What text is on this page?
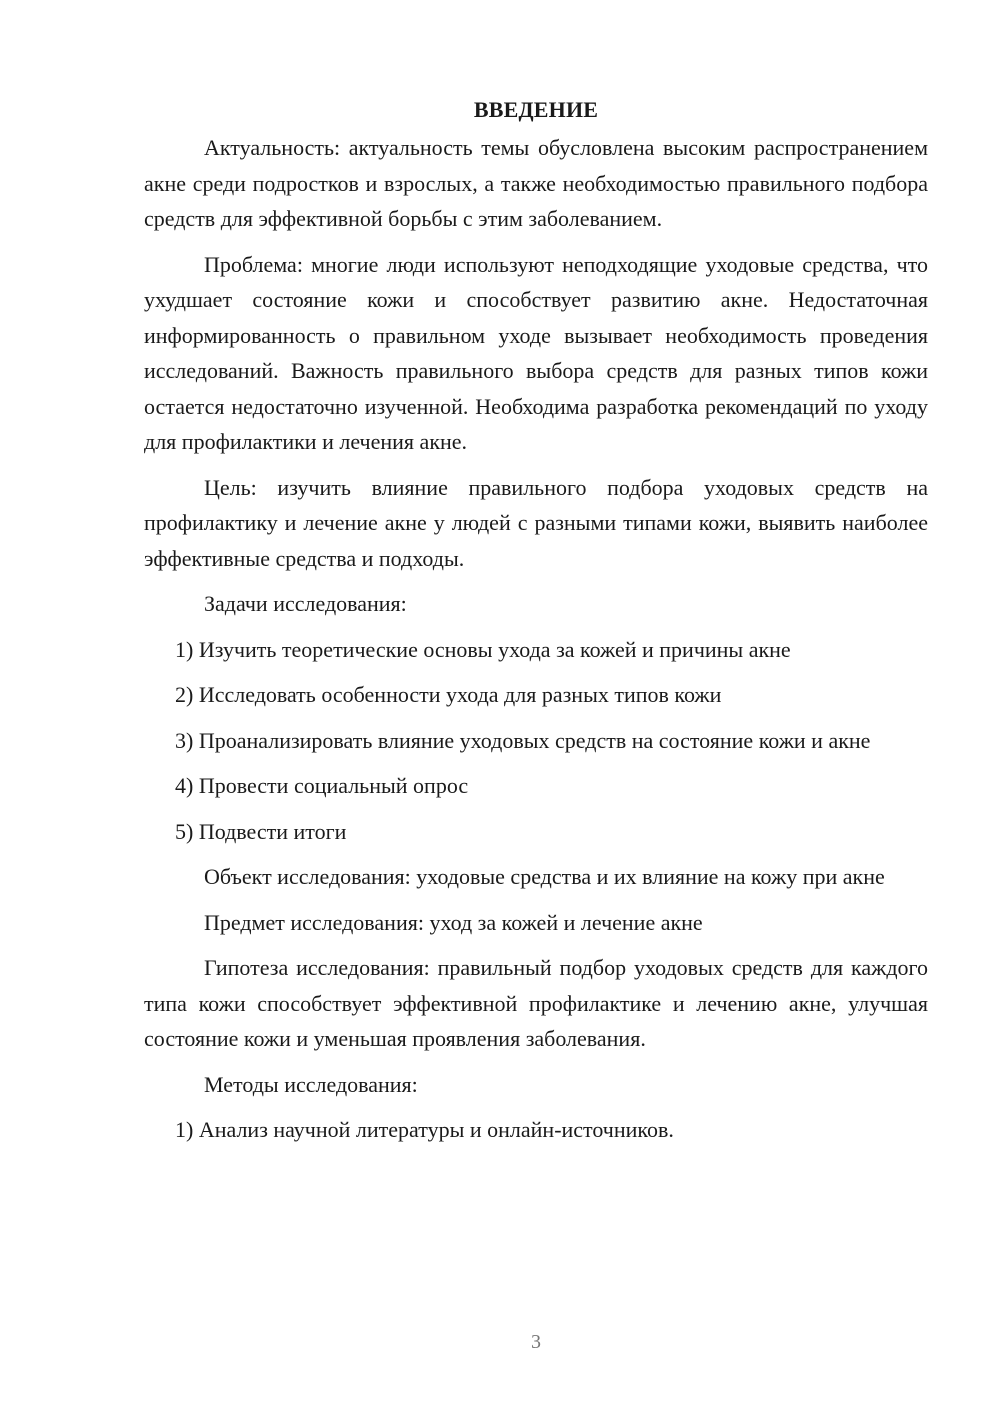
ВВЕДЕНИЕ

Актуальность: актуальность темы обусловлена высоким распространением акне среди подростков и взрослых, а также необходимостью правильного подбора средств для эффективной борьбы с этим заболеванием.

Проблема: многие люди используют неподходящие уходовые средства, что ухудшает состояние кожи и способствует развитию акне. Недостаточная информированность о правильном уходе вызывает необходимость проведения исследований. Важность правильного выбора средств для разных типов кожи остается недостаточно изученной. Необходима разработка рекомендаций по уходу для профилактики и лечения акне.

Цель: изучить влияние правильного подбора уходовых средств на профилактику и лечение акне у людей с разными типами кожи, выявить наиболее эффективные средства и подходы.

Задачи исследования:

1) Изучить теоретические основы ухода за кожей и причины акне

2) Исследовать особенности ухода для разных типов кожи

3) Проанализировать влияние уходовых средств на состояние кожи и акне

4) Провести социальный опрос

5) Подвести итоги

Объект исследования: уходовые средства и их влияние на кожу при акне

Предмет исследования: уход за кожей и лечение акне

Гипотеза исследования: правильный подбор уходовых средств для каждого типа кожи способствует эффективной профилактике и лечению акне, улучшая состояние кожи и уменьшая проявления заболевания.

Методы исследования:

1) Анализ научной литературы и онлайн-источников.

3
